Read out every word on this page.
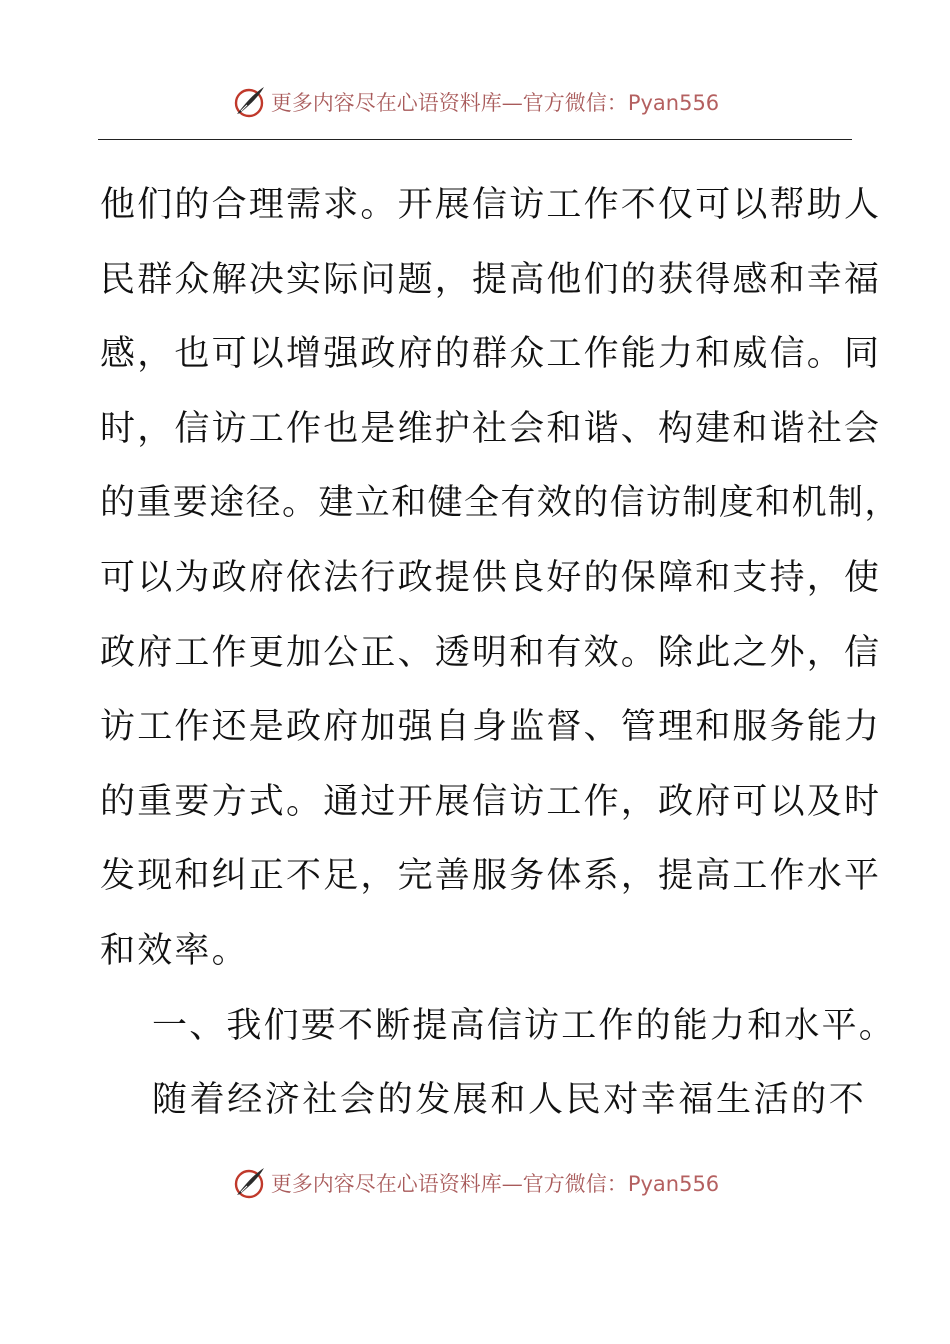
更多内容尽在心语资料库—官方微信：Pyan556
他们的合理需求。开展信访工作不仅可以帮助人
民群众解决实际问题，提高他们的获得感和幸福
感，也可以增强政府的群众工作能力和威信。同
时，信访工作也是维护社会和谐、构建和谐社会
的重要途径。建立和健全有效的信访制度和机制，
可以为政府依法行政提供良好的保障和支持，使
政府工作更加公正、透明和有效。除此之外，信
访工作还是政府加强自身监督、管理和服务能力
的重要方式。通过开展信访工作，政府可以及时
发现和纠正不足，完善服务体系，提高工作水平
和效率。
一、我们要不断提高信访工作的能力和水平。
随着经济社会的发展和人民对幸福生活的不
更多内容尽在心语资料库—官方微信：Pyan556
